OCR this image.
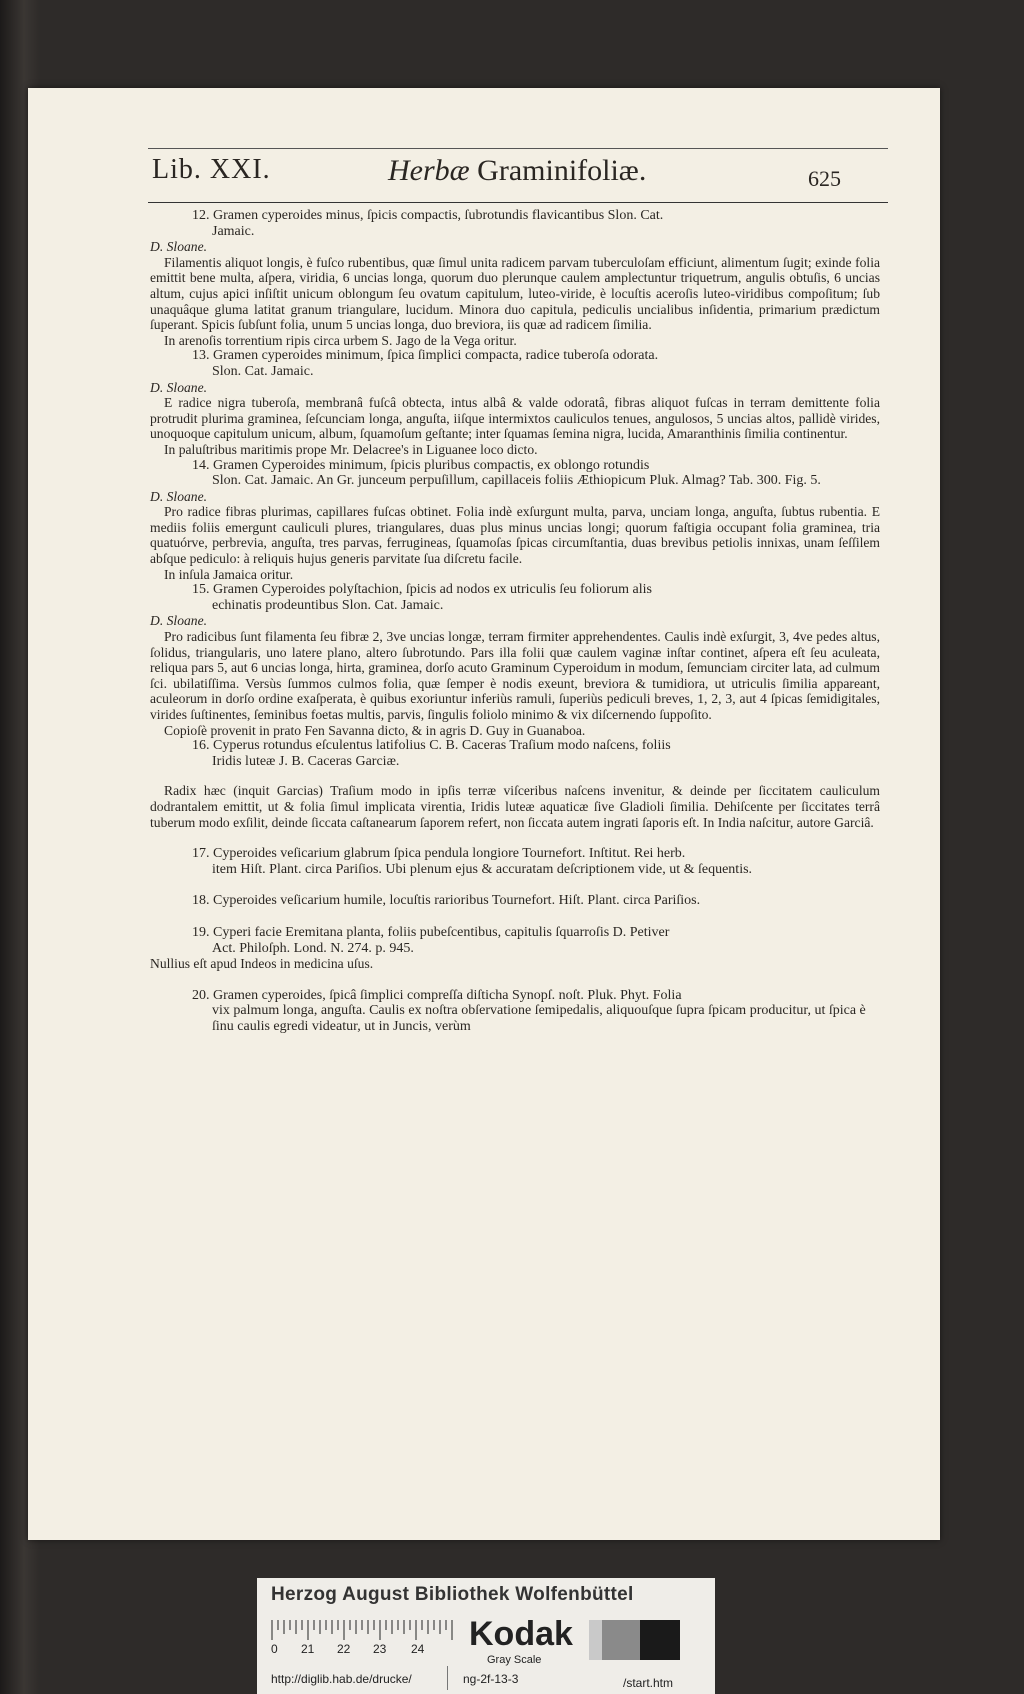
Lib. XXI.	Herbæ Graminifoliæ.	625

12. Gramen cyperoides minus, ſpicis compactis, ſubrotundis flavicantibus Slon. Cat.
Jamaic.

D. Sloane.

Filamentis aliquot longis, è fuſco rubentibus, quæ ſimul unita radicem parvam tuberculoſam efficiunt, alimentum ſugit; exinde folia emittit bene multa, aſpera, viridia, 6 uncias longa, quorum duo plerunque caulem amplectuntur triquetrum, angulis obtuſis, 6 uncias altum, cujus apici inſiſtit unicum oblongum ſeu ovatum capitulum, luteo-viride, è locuſtis aceroſis luteo-viridibus compoſitum; ſub unaquâque gluma latitat granum triangulare, lucidum. Minora duo capitula, pediculis uncialibus inſidentia, primarium prædictum ſuperant. Spicis ſubſunt folia, unum 5 uncias longa, duo breviora, iis quæ ad radicem ſimilia.

In arenoſis torrentium ripis circa urbem S. Jago de la Vega oritur.

13. Gramen cyperoides minimum, ſpica ſimplici compacta, radice tuberoſa odorata.
Slon. Cat. Jamaic.

D. Sloane.

E radice nigra tuberoſa, membranâ fuſcâ obtecta, intus albâ & valde odoratâ, fibras aliquot fuſcas in terram demittente folia protrudit plurima graminea, ſeſcunciam longa, anguſta, iiſque intermixtos cauliculos tenues, angulosos, 5 uncias altos, pallidè virides, unoquoque capitulum unicum, album, ſquamoſum geſtante; inter ſquamas ſemina nigra, lucida, Amaranthinis ſimilia continentur.

In paluſtribus maritimis prope Mr. Delacree's in Liguanee loco dicto.

14. Gramen Cyperoides minimum, ſpicis pluribus compactis, ex oblongo rotundis
Slon. Cat. Jamaic. An Gr. junceum perpuſillum, capillaceis foliis Æthiopicum Pluk. Almag? Tab. 300. Fig. 5.

D. Sloane.

Pro radice fibras plurimas, capillares fuſcas obtinet. Folia indè exſurgunt multa, parva, unciam longa, anguſta, ſubtus rubentia. E mediis foliis emergunt cauliculi plures, triangulares, duas plus minus uncias longi; quorum faſtigia occupant folia graminea, tria quatuórve, perbrevia, anguſta, tres parvas, ferrugineas, ſquamoſas ſpicas circumſtantia, duas brevibus petiolis innixas, unam ſeſſilem abſque pediculo: à reliquis hujus generis parvitate ſua diſcretu facile.

In inſula Jamaica oritur.

15. Gramen Cyperoides polyſtachion, ſpicis ad nodos ex utriculis ſeu foliorum alis
echinatis prodeuntibus Slon. Cat. Jamaic.

D. Sloane.

Pro radicibus ſunt filamenta ſeu fibræ 2, 3ve uncias longæ, terram firmiter apprehendentes. Caulis indè exſurgit, 3, 4ve pedes altus, ſolidus, triangularis, uno latere plano, altero ſubrotundo. Pars illa folii quæ caulem vaginæ inſtar continet, aſpera eſt ſeu aculeata, reliqua pars 5, aut 6 uncias longa, hirta, graminea, dorſo acuto Graminum Cyperoidum in modum, ſemunciam circiter lata, ad culmum ſci. ubilatiſſima. Versùs ſummos culmos folia, quæ ſemper è nodis exeunt, breviora & tumidiora, ut utriculis ſimilia appareant, aculeorum in dorſo ordine exaſperata, è quibus exoriuntur inferiùs ramuli, ſuperiùs pediculi breves, 1, 2, 3, aut 4 ſpicas ſemidigitales, virides ſuſtinentes, ſeminibus foetas multis, parvis, ſingulis foliolo minimo & vix diſcernendo ſuppoſito.

Copioſè provenit in prato Fen Savanna dicto, & in agris D. Guy in Guanaboa.

16. Cyperus rotundus eſculentus latifolius C. B. Caceras Traſium modo naſcens, foliis
Iridis luteæ J. B. Caceras Garciæ.

Radix hæc (inquit Garcias) Traſium modo in ipſis terræ viſceribus naſcens invenitur, & deinde per ſiccitatem cauliculum dodrantalem emittit, ut & folia ſimul implicata virentia, Iridis luteæ aquaticæ ſive Gladioli ſimilia. Dehiſcente per ſiccitates terrâ tuberum modo exſilit, deinde ſiccata caſtanearum ſaporem refert, non ſiccata autem ingrati ſaporis eſt. In India naſcitur, autore Garciâ.

17. Cyperoides veſicarium glabrum ſpica pendula longiore Tournefort. Inſtitut. Rei herb.
item Hiſt. Plant. circa Pariſios. Ubi plenum ejus & accuratam deſcriptionem vide, ut & ſequentis.

18. Cyperoides veſicarium humile, locuſtis rarioribus Tournefort. Hiſt. Plant. circa Pariſios.

19. Cyperi facie Eremitana planta, foliis pubeſcentibus, capitulis ſquarroſis D. Petiver
Act. Philoſph. Lond. N. 274. p. 945.

Nullius eſt apud Indeos in medicina uſus.

20. Gramen cyperoides, ſpicâ ſimplici compreſſa diſticha Synopſ. noſt. Pluk. Phyt. Folia
vix palmum longa, anguſta. Caulis ex noſtra obſervatione ſemipedalis, aliquouſque ſupra ſpicam producitur, ut ſpica è ſinu caulis egredi videatur, ut in Juncis, verùm

Herzog August Bibliothek Wolfenbüttel
0 21 22 23 24 Kodak
Gray Scale
http://diglib.hab.de/drucke/	ng-2f-13-3	/start.htm
